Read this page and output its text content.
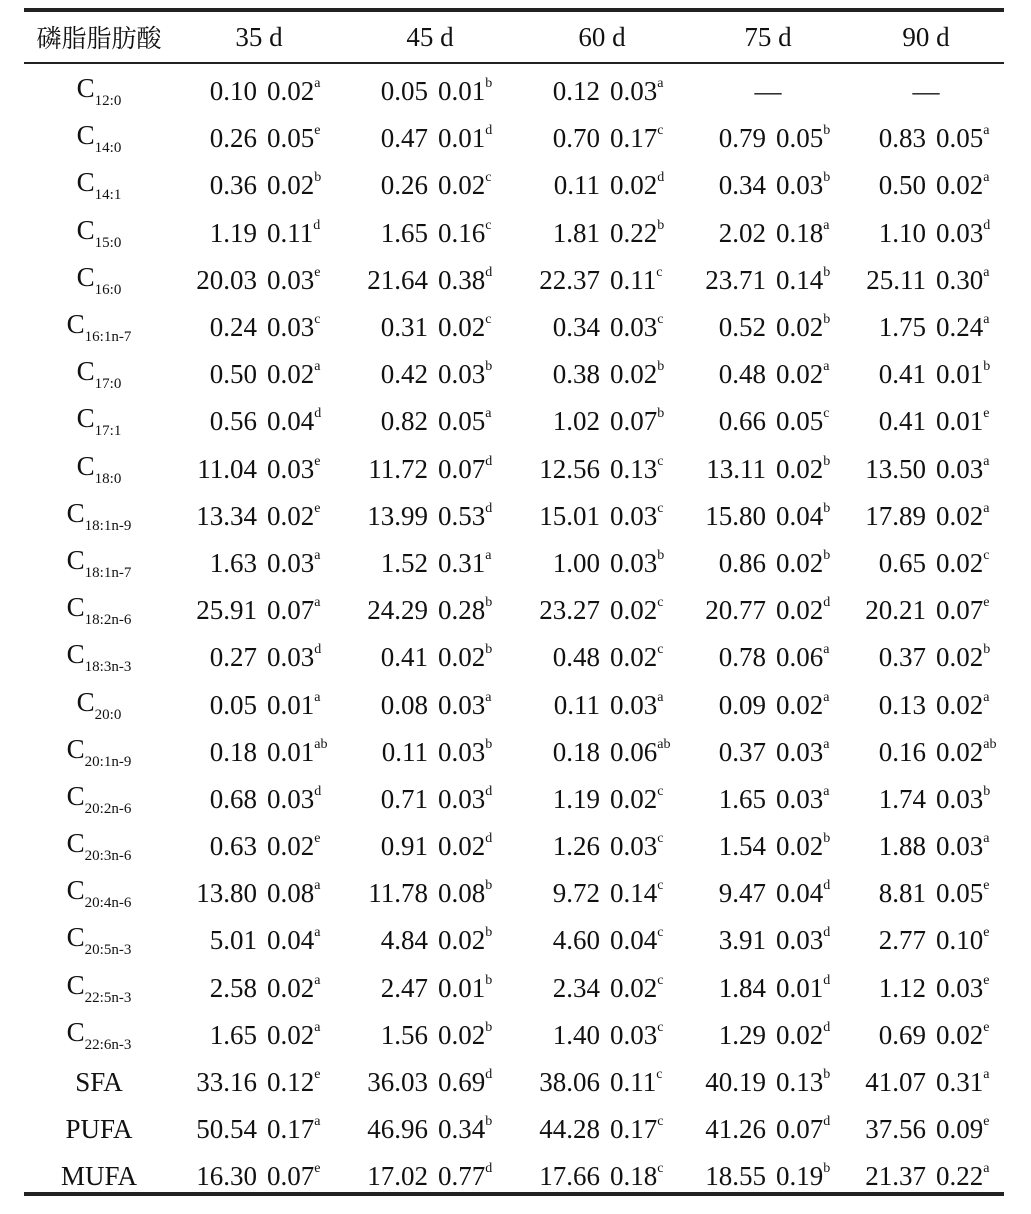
磷脂脂肪酸	35 d	45 d	60 d	75 d	90 d

$C_{12:0}$	0.10 0.02$^a$	0.05 0.01$^b$	0.12 0.03$^a$	—	—
$C_{14:0}$	0.26 0.05e	0.47 0.01$^d$	0.70 0.17$^c$	0.79 0.05$^b$	0.83 0.05$^a$
$C_{14:1}$	0.36 0.02$^b$	0.26 0.02$^c$	0.11 0.02$^d$	0.34 0.03$^b$	0.50 0.02$^a$
$C_{15:0}$	1.19 0.11$^d$	1.65 0.16$^c$	1.81 0.22$^b$	2.02 0.18$^a$	1.10 0.03$^d$
$C_{16:0}$	20.03 0.03e	21.64 0.38$^d$	22.37 0.11$^c$	23.71 0.14$^b$	25.11 0.30$^a$
$C_{16:1n-7}$	0.24 0.03$^c$	0.31 0.02$^c$	0.34 0.03$^c$	0.52 0.02$^b$	1.75 0.24$^a$
$C_{17:0}$	0.50 0.02$^a$	0.42 0.03$^b$	0.38 0.02$^b$	0.48 0.02$^a$	0.41 0.01$^b$
$C_{17:1}$	0.56 0.04$^d$	0.82 0.05$^a$	1.02 0.07$^b$	0.66 0.05$^c$	0.41 0.01e
$C_{18:0}$	11.04 0.03e	11.72 0.07$^d$	12.56 0.13$^c$	13.11 0.02$^b$	13.50 0.03$^a$
$C_{18:1n-9}$	13.34 0.02e	13.99 0.53$^d$	15.01 0.03$^c$	15.80 0.04$^b$	17.89 0.02$^a$
$C_{18:1n-7}$	1.63 0.03$^a$	1.52 0.31$^a$	1.00 0.03$^b$	0.86 0.02$^b$	0.65 0.02$^c$
$C_{18:2n-6}$	25.91 0.07$^a$	24.29 0.28$^b$	23.27 0.02$^c$	20.77 0.02$^d$	20.21 0.07e
$C_{18:3n-3}$	0.27 0.03$^d$	0.41 0.02$^b$	0.48 0.02$^c$	0.78 0.06$^a$	0.37 0.02$^b$
$C_{20:0}$	0.05 0.01$^a$	0.08 0.03$^a$	0.11 0.03$^a$	0.09 0.02$^a$	0.13 0.02$^a$
$C_{20:1n-9}$	0.18 0.01$^{ab}$	0.11 0.03$^b$	0.18 0.06$^{ab}$	0.37 0.03$^a$	0.16 0.02$^{ab}$
$C_{20:2n-6}$	0.68 0.03$^d$	0.71 0.03$^d$	1.19 0.02$^c$	1.65 0.03$^a$	1.74 0.03$^b$
$C_{20:3n-6}$	0.63 0.02e	0.91 0.02$^d$	1.26 0.03$^c$	1.54 0.02$^b$	1.88 0.03$^a$
$C_{20:4n-6}$	13.80 0.08$^a$	11.78 0.08$^b$	9.72 0.14$^c$	9.47 0.04$^d$	8.81 0.05e
$C_{20:5n-3}$	5.01 0.04$^a$	4.84 0.02$^b$	4.60 0.04$^c$	3.91 0.03$^d$	2.77 0.10e
$C_{22:5n-3}$	2.58 0.02$^a$	2.47 0.01$^b$	2.34 0.02$^c$	1.84 0.01$^d$	1.12 0.03e
$C_{22:6n-3}$	1.65 0.02$^a$	1.56 0.02$^b$	1.40 0.03$^c$	1.29 0.02$^d$	0.69 0.02e
SFA	33.16 0.12e	36.03 0.69$^d$	38.06 0.11$^c$	40.19 0.13$^b$	41.07 0.31$^a$
PUFA	50.54 0.17$^a$	46.96 0.34$^b$	44.28 0.17$^c$	41.26 0.07$^d$	37.56 0.09e
MUFA	16.30 0.07e	17.02 0.77$^d$	17.66 0.18$^c$	18.55 0.19$^b$	21.37 0.22$^a$
